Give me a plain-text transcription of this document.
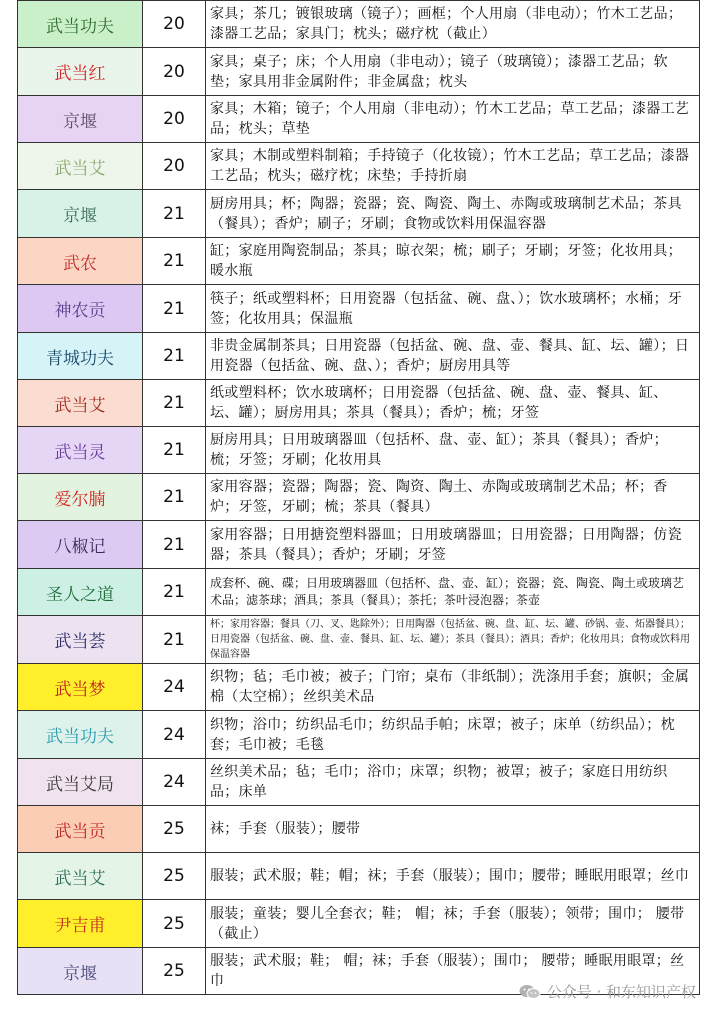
武当功夫	20	家具；茶几；镀银玻璃（镜子）；画框；个人用扇（非电动）；竹木工艺品；漆器工艺品；家具门；枕头；磁疗枕（截止）
武当红	20	家具；桌子；床；个人用扇（非电动）；镜子（玻璃镜）；漆器工艺品；软垫；家具用非金属附件；非金属盘；枕头
京堰	20	家具；木箱；镜子；个人用扇（非电动）；竹木工艺品；草工艺品；漆器工艺品；枕头；草垫
武当艾	20	家具；木制或塑料制箱；手持镜子（化妆镜）；竹木工艺品；草工艺品；漆器工艺品；枕头；磁疗枕；床垫；手持折扇
京堰	21	厨房用具；杯；陶器；瓷器；瓷、陶瓷、陶土、赤陶或玻璃制艺术品；茶具（餐具）；香炉；刷子；牙刷；食物或饮料用保温容器
武农	21	缸；家庭用陶瓷制品；茶具；晾衣架；梳；刷子；牙刷；牙签；化妆用具；暖水瓶
神农贡	21	筷子；纸或塑料杯；日用瓷器（包括盆、碗、盘、）；饮水玻璃杯；水桶；牙签；化妆用具；保温瓶
青城功夫	21	非贵金属制茶具；日用瓷器（包括盆、碗、盘、壶、餐具、缸、坛、罐）；日用瓷器（包括盆、碗、盘、）；香炉；厨房用具等
武当艾	21	纸或塑料杯；饮水玻璃杯；日用瓷器（包括盆、碗、盘、壶、餐具、缸、坛、罐）；厨房用具；茶具（餐具）；香炉；梳；牙签
武当灵	21	厨房用具；日用玻璃器皿（包括杯、盘、壶、缸）；茶具（餐具）；香炉；梳；牙签；牙刷；化妆用具
爱尔腩	21	家用容器；瓷器；陶器；瓷、陶资、陶土、赤陶或玻璃制艺术品；杯；香炉；牙签，牙刷；梳；茶具（餐具）
八椒记	21	家用容器；日用搪瓷塑料器皿；日用玻璃器皿；日用瓷器；日用陶器；仿瓷器；茶具（餐具）；香炉；牙刷；牙签
圣人之道	21	成套杯、碗、碟；日用玻璃器皿（包括杯、盘、壶、缸）；瓷器；瓷、陶瓷、陶土或玻璃艺术品；滤茶球；酒具；茶具（餐具）；茶托；茶叶浸泡器；茶壶
武当荟	21	杯；家用容器；餐具（刀、叉、匙除外）；日用陶器（包括盆、碗、盘、缸、坛、罐、砂锅、壶、炻器餐具）；日用瓷器（包括盆、碗、盘、壶、餐具、缸、坛、罐）；茶具（餐具）；酒具；香炉；化妆用具；食物或饮料用保温容器
武当梦	24	织物；毡；毛巾被；被子；门帘；桌布（非纸制）；洗涤用手套；旗帜；金属棉（太空棉）；丝织美术品
武当功夫	24	织物；浴巾；纺织品毛巾；纺织品手帕；床罩；被子；床单（纺织品）；枕套；毛巾被；毛毯
武当艾局	24	丝织美术品；毡；毛巾；浴巾；床罩；织物；被罩；被子；家庭日用纺织品；床单
武当贡	25	袜；手套（服装）；腰带
武当艾	25	服装；武术服；鞋；帽；袜；手套（服装）；围巾；腰带；睡眠用眼罩；丝巾
尹吉甫	25	服装；童装；婴儿全套衣；鞋； 帽；袜；手套（服装）；领带；围巾； 腰带（截止）
京堰	25	服装；武术服；鞋； 帽；袜；手套（服装）；围巾； 腰带；睡眠用眼罩；丝巾
公众号 · 和东知识产权
